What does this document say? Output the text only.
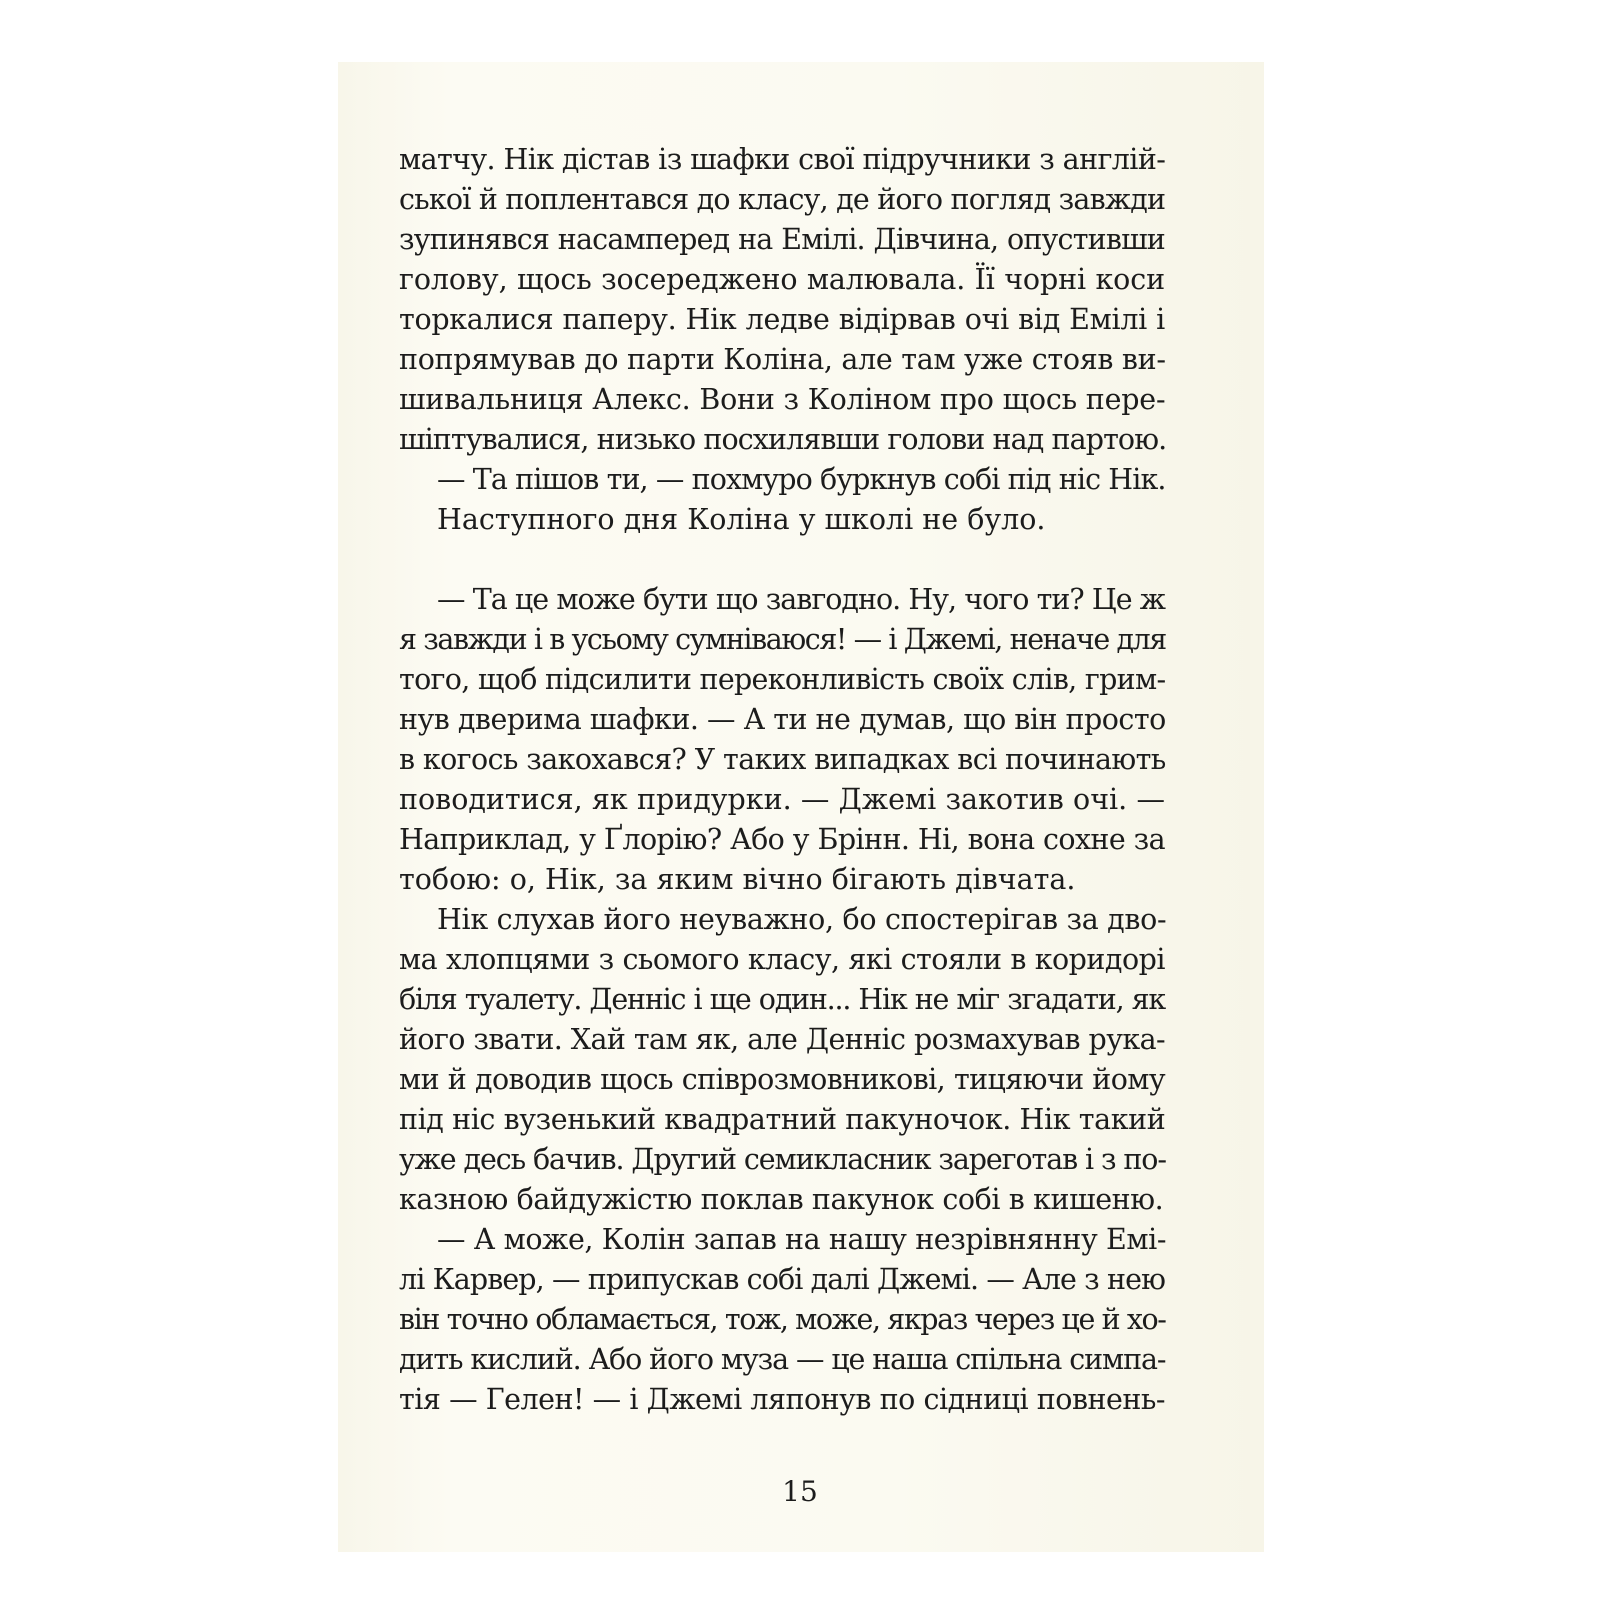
матчу. Нік дістав із шафки свої підручники з англій-
ської й поплентався до класу, де його погляд завжди
зупинявся насамперед на Емілі. Дівчина, опустивши
голову, щось зосереджено малювала. Її чорні коси
торкалися паперу. Нік ледве відірвав очі від Емілі і
попрямував до парти Коліна, але там уже стояв ви-
шивальниця Алекс. Вони з Коліном про щось пере-
шіптувалися, низько посхилявши голови над партою.
— Та пішов ти, — похмуро буркнув собі під ніс Нік.
Наступного дня Коліна у школі не було.
— Та це може бути що завгодно. Ну, чого ти? Це ж
я завжди і в усьому сумніваюся! — і Джемі, неначе для
того, щоб підсилити переконливість своїх слів, грим-
нув дверима шафки. — А ти не думав, що він просто
в когось закохався? У таких випадках всі починають
поводитися, як придурки. — Джемі закотив очі. —
Наприклад, у Ґлорію? Або у Брінн. Ні, вона сохне за
тобою: о, Нік, за яким вічно бігають дівчата.
Нік слухав його неуважно, бо спостерігав за дво-
ма хлопцями з сьомого класу, які стояли в коридорі
біля туалету. Денніс і ще один... Нік не міг згадати, як
його звати. Хай там як, але Денніс розмахував рука-
ми й доводив щось співрозмовникові, тицяючи йому
під ніс вузенький квадратний пакуночок. Нік такий
уже десь бачив. Другий семикласник зареготав і з по-
казною байдужістю поклав пакунок собі в кишеню.
— А може, Колін запав на нашу незрівнянну Емі-
лі Карвер, — припускав собі далі Джемі. — Але з нею
він точно обламається, тож, може, якраз через це й хо-
дить кислий. Або його муза — це наша спільна симпа-
тія — Гелен! — і Джемі ляпонув по сідниці повнень-
15
